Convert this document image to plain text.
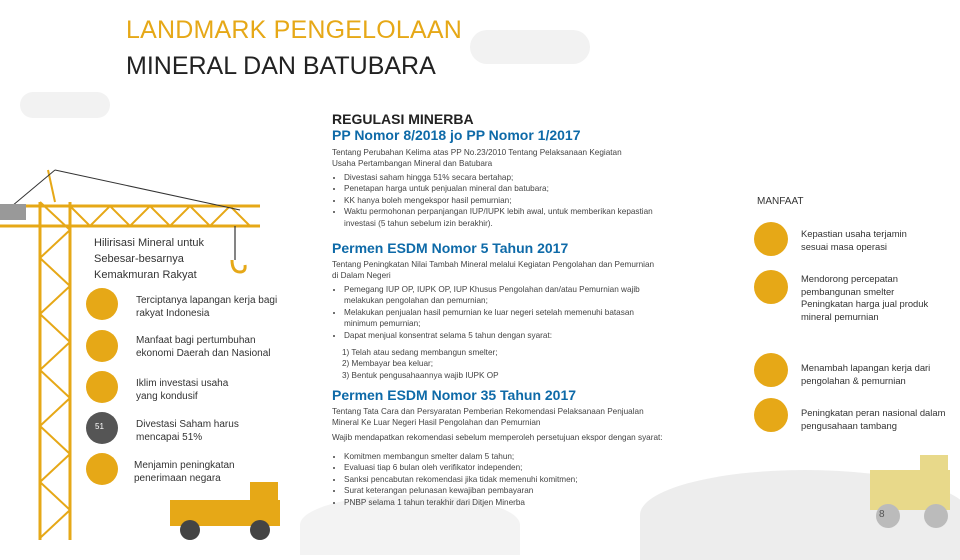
LANDMARK PENGELOLAAN
MINERAL DAN BATUBARA
Hilirisasi Mineral untuk Sebesar-besarnya Kemakmuran Rakyat
Terciptanya lapangan kerja bagi rakyat Indonesia
Manfaat bagi pertumbuhan ekonomi Daerah dan Nasional
Iklim investasi usaha yang kondusif
51	Divestasi Saham harus mencapai 51%
Menjamin peningkatan penerimaan negara
REGULASI MINERBA
PP Nomor 8/2018 jo PP Nomor 1/2017
Tentang Perubahan Kelima atas PP No.23/2010 Tentang Pelaksanaan Kegiatan Usaha Pertambangan Mineral dan Batubara
• Divestasi saham hingga 51% secara bertahap;
• Penetapan harga untuk penjualan mineral dan batubara;
• KK hanya boleh mengekspor hasil pemurnian;
• Waktu permohonan perpanjangan IUP/IUPK lebih awal, untuk memberikan kepastian investasi (5 tahun sebelum izin berakhir).
Permen ESDM Nomor 5 Tahun 2017
Tentang Peningkatan Nilai Tambah Mineral melalui Kegiatan Pengolahan dan Pemurnian di Dalam Negeri
• Pemegang IUP OP, IUPK OP, IUP Khusus Pengolahan dan/atau Pemurnian wajib melakukan pengolahan dan pemurnian;
• Melakukan penjualan hasil pemurnian ke luar negeri setelah memenuhi batasan minimum pemurnian;
• Dapat menjual konsentrat selama 5 tahun dengan syarat:
1) Telah atau sedang membangun smelter;
2) Membayar bea keluar;
3) Bentuk pengusahaannya wajib IUPK OP
Permen ESDM Nomor 35 Tahun 2017
Tentang Tata Cara dan Persyaratan Pemberian Rekomendasi Pelaksanaan Penjualan Mineral Ke Luar Negeri Hasil Pengolahan dan Pemurnian
Wajib mendapatkan rekomendasi sebelum memperoleh persetujuan ekspor dengan syarat:
• Komitmen membangun smelter dalam 5 tahun;
• Evaluasi tiap 6 bulan oleh verifikator independen;
• Sanksi pencabutan rekomendasi jika tidak memenuhi komitmen;
• Surat keterangan pelunasan kewajiban pembayaran
• PNBP selama 1 tahun terakhir dari Ditjen Minerba
MANFAAT
Kepastian usaha terjamin sesuai masa operasi
Mendorong percepatan pembangunan smelter Peningkatan harga jual produk mineral pemurnian
Menambah lapangan kerja dari pengolahan & pemurnian
Peningkatan peran nasional dalam pengusahaan tambang
8
